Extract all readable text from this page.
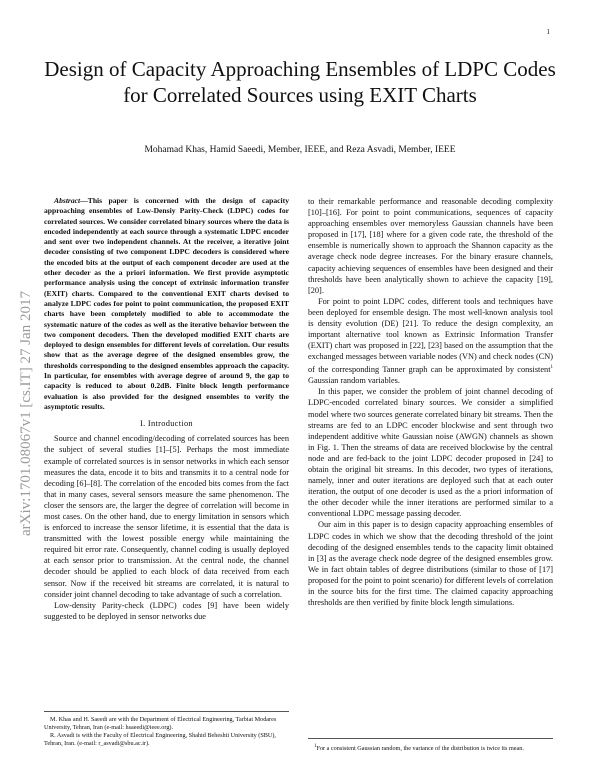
1
arXiv:1701.08067v1 [cs.IT] 27 Jan 2017
Design of Capacity Approaching Ensembles of LDPC Codes for Correlated Sources using EXIT Charts
Mohamad Khas, Hamid Saeedi, Member, IEEE, and Reza Asvadi, Member, IEEE

Abstract—This paper is concerned with the design of capacity approaching ensembles of Low-Densiy Parity-Check (LDPC) codes for correlated sources. We consider correlated binary sources where the data is encoded independently at each source through a systematic LDPC encoder and sent over two independent channels. At the receiver, a iterative joint decoder consisting of two component LDPC decoders is considered where the encoded bits at the output of each component decoder are used at the other decoder as the a priori information. We first provide asymptotic performance analysis using the concept of extrinsic information transfer (EXIT) charts. Compared to the conventional EXIT charts devised to analyze LDPC codes for point to point communication, the proposed EXIT charts have been completely modified to able to accommodate the systematic nature of the codes as well as the iterative behavior between the two component decoders. Then the developed modified EXIT charts are deployed to design ensembles for different levels of correlation. Our results show that as the average degree of the designed ensembles grow, the thresholds corresponding to the designed ensembles approach the capacity. In particular, for ensembles with average degree of around 9, the gap to capacity is reduced to about 0.2dB. Finite block length performance evaluation is also provided for the designed ensembles to verify the asymptotic results.

I. Introduction

Source and channel encoding/decoding of correlated sources has been the subject of several studies [1]–[5]. Perhaps the most immediate example of correlated sources is in sensor networks in which each sensor measures the data, encode it to bits and transmits it to a central node for decoding [6]–[8]. The correlation of the encoded bits comes from the fact that in many cases, several sensors measure the same phenomenon. The closer the sensors are, the larger the degree of correlation will become in most cases. On the other hand, due to energy limitation in sensors which is enforced to increase the sensor lifetime, it is essential that the data is transmitted with the lowest possible energy while maintaining the required bit error rate. Consequently, channel coding is usually deployed at each sensor prior to transmission. At the central node, the channel decoder should be applied to each block of data received from each sensor. Now if the received bit streams are correlated, it is natural to consider joint channel decoding to take advantage of such a correlation.

Low-density Parity-check (LDPC) codes [9] have been widely suggested to be deployed in sensor networks due

to their remarkable performance and reasonable decoding complexity [10]–[16]. For point to point communications, sequences of capacity approaching ensembles over memoryless Gaussian channels have been proposed in [17], [18] where for a given code rate, the threshold of the ensemble is numerically shown to approach the Shannon capacity as the average check node degree increases. For the binary erasure channels, capacity achieving sequences of ensembles have been designed and their thresholds have been analytically shown to achieve the capacity [19], [20].

For point to point LDPC codes, different tools and techniques have been deployed for ensemble design. The most well-known analysis tool is density evolution (DE) [21]. To reduce the design complexity, an important alternative tool known as Extrinsic Information Transfer (EXIT) chart was proposed in [22], [23] based on the assumption that the exchanged messages between variable nodes (VN) and check nodes (CN) of the corresponding Tanner graph can be approximated by consistent$^1$ Gaussian random variables.

In this paper, we consider the problem of joint channel decoding of LDPC-encoded correlated binary sources. We consider a simplified model where two sources generate correlated binary bit streams. Then the streams are fed to an LDPC encoder blockwise and sent through two independent additive white Gaussian noise (AWGN) channels as shown in Fig. 1. Then the streams of data are received blockwise by the central node and are fed-back to the joint LDPC decoder proposed in [24] to obtain the original bit streams. In this decoder, two types of iterations, namely, inner and outer iterations are deployed such that at each outer iteration, the output of one decoder is used as the a priori information of the other decoder while the inner iterations are performed similar to a conventional LDPC message passing decoder.

Our aim in this paper is to design capacity approaching ensembles of LDPC codes in which we show that the decoding threshold of the joint decoding of the designed ensembles tends to the capacity limit obtained in [3] as the average check node degree of the designed ensembles grow. We in fact obtain tables of degree distributions (similar to those of [17] proposed for the point to point scenario) for different levels of correlation in the source bits for the first time. The claimed capacity approaching thresholds are then verified by finite block length simulations.

M. Khas and H. Saeedi are with the Department of Electrical Engineering, Tarbiat Modares University, Tehran, Iran (e-mail: hsaeedi@ieee.org).

R. Asvadi is with the Faculty of Electrical Engineering, Shahid Beheshti University (SBU), Tehran, Iran. (e-mail: r_asvadi@sbu.ac.ir).	$^1$For a consistent Gaussian random, the variance of the distribution is twice its mean.
